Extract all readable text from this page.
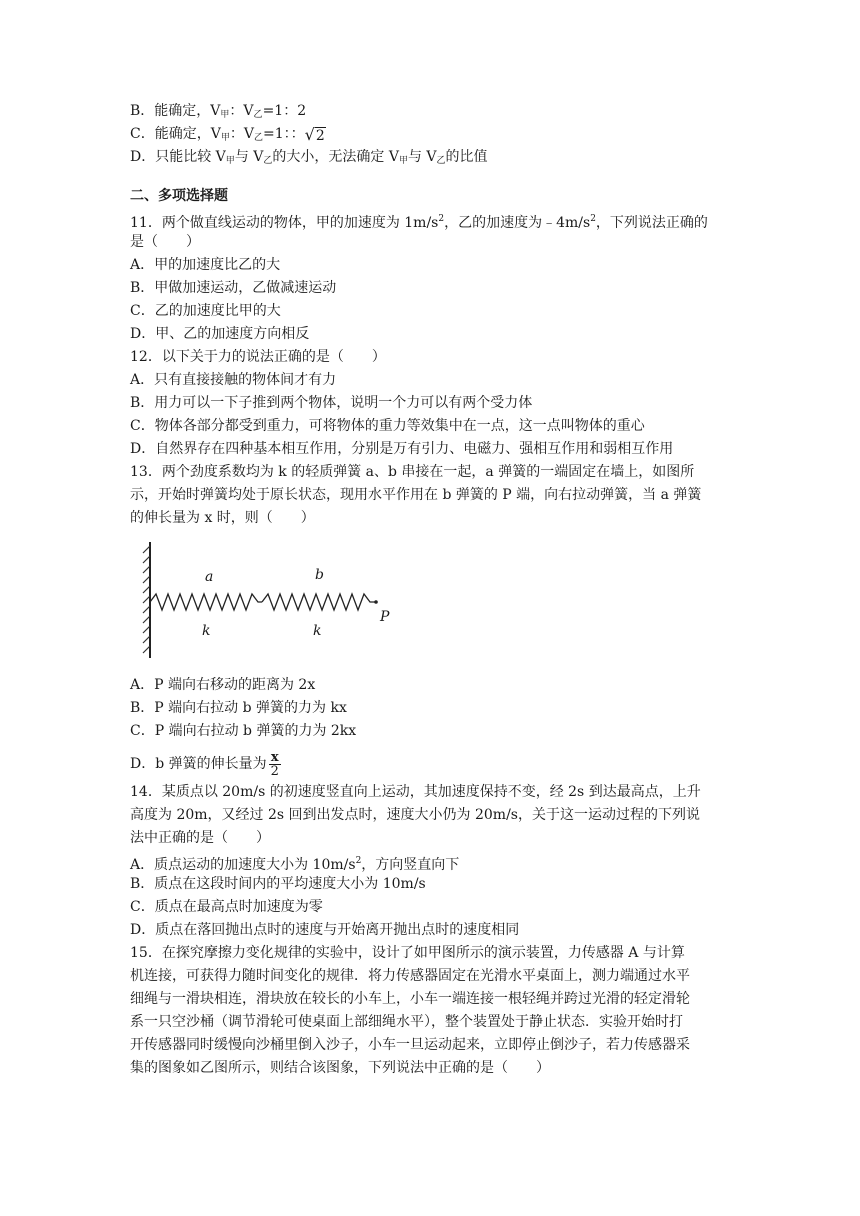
B．能确定，$V_甲$：$V_乙=1$：2
C．能确定，$V_甲$：$V_乙=1$：：√2
D．只能比较 $V_甲$与 $V_乙$的大小，无法确定 $V_甲$与 $V_乙$的比值
二、多项选择题
11．两个做直线运动的物体，甲的加速度为 $1m/s^2$，乙的加速度为$﹣4m/s^2$，下列说法正确的
是（　　）
A．甲的加速度比乙的大
B．甲做加速运动，乙做减速运动
C．乙的加速度比甲的大
D．甲、乙的加速度方向相反
12．以下关于力的说法正确的是（　　）
A．只有直接接触的物体间才有力
B．用力可以一下子推到两个物体，说明一个力可以有两个受力体
C．物体各部分都受到重力，可将物体的重力等效集中在一点，这一点叫物体的重心
D．自然界存在四种基本相互作用，分别是万有引力、电磁力、强相互作用和弱相互作用
13．两个劲度系数均为 k 的轻质弹簧 a、b 串接在一起，a 弹簧的一端固定在墙上，如图所
示，开始时弹簧均处于原长状态，现用水平作用在 b 弹簧的 P 端，向右拉动弹簧，当 a 弹簧
的伸长量为 x 时，则（　　）
a	b
k	k
P
A．P 端向右移动的距离为 2x
B．P 端向右拉动 b 弹簧的力为 kx
C．P 端向右拉动 b 弹簧的力为 2kx
D．b 弹簧的伸长量为 $\frac{x}{2}$
14．某质点以 20m/s 的初速度竖直向上运动，其加速度保持不变，经 2s 到达最高点，上升
高度为 20m，又经过 2s 回到出发点时，速度大小仍为 20m/s，关于这一运动过程的下列说
法中正确的是（　　）
A．质点运动的加速度大小为 $10m/s^2$，方向竖直向下
B．质点在这段时间内的平均速度大小为 10m/s
C．质点在最高点时加速度为零
D．质点在落回抛出点时的速度与开始离开抛出点时的速度相同
15．在探究摩擦力变化规律的实验中，设计了如甲图所示的演示装置，力传感器 A 与计算
机连接，可获得力随时间变化的规律．将力传感器固定在光滑水平桌面上，测力端通过水平
细绳与一滑块相连，滑块放在较长的小车上，小车一端连接一根轻绳并跨过光滑的轻定滑轮
系一只空沙桶（调节滑轮可使桌面上部细绳水平），整个装置处于静止状态．实验开始时打
开传感器同时缓慢向沙桶里倒入沙子，小车一旦运动起来，立即停止倒沙子，若力传感器采
集的图象如乙图所示，则结合该图象，下列说法中正确的是（　　）
